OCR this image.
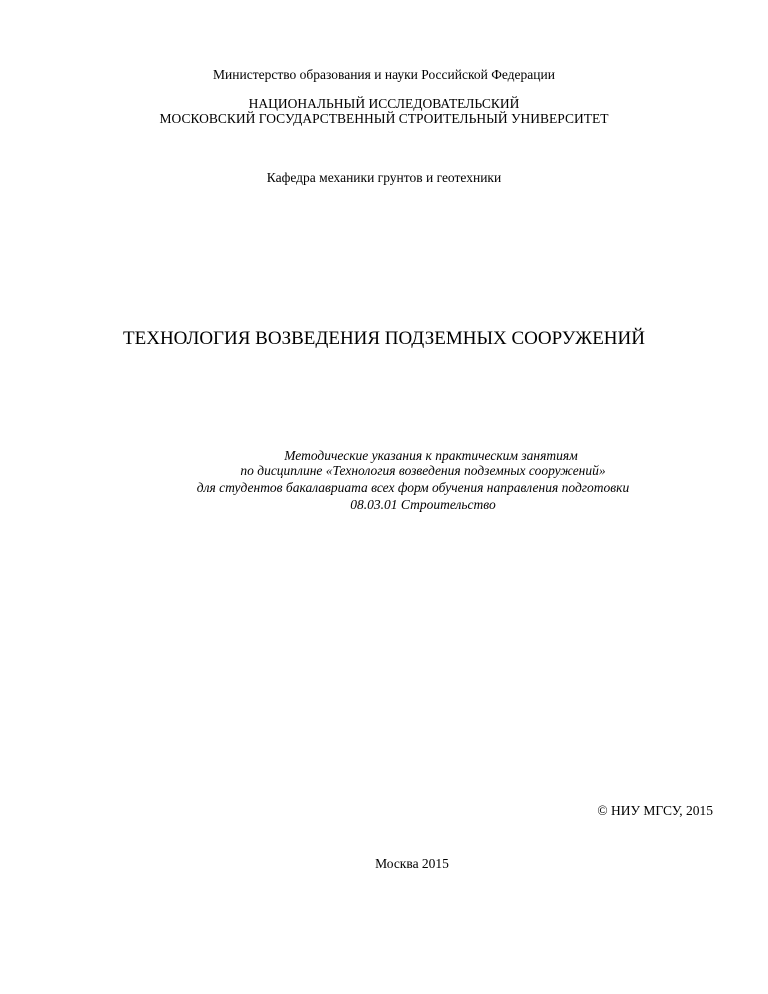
Министерство образования и науки Российской Федерации
НАЦИОНАЛЬНЫЙ ИССЛЕДОВАТЕЛЬСКИЙ
МОСКОВСКИЙ ГОСУДАРСТВЕННЫЙ СТРОИТЕЛЬНЫЙ УНИВЕРСИТЕТ
Кафедра механики грунтов и геотехники
ТЕХНОЛОГИЯ ВОЗВЕДЕНИЯ ПОДЗЕМНЫХ СООРУЖЕНИЙ
Методические указания к практическим занятиям
по дисциплине «Технология возведения подземных сооружений»
для студентов бакалавриата всех форм обучения направления подготовки
08.03.01 Строительство
© НИУ МГСУ, 2015
Москва 2015
